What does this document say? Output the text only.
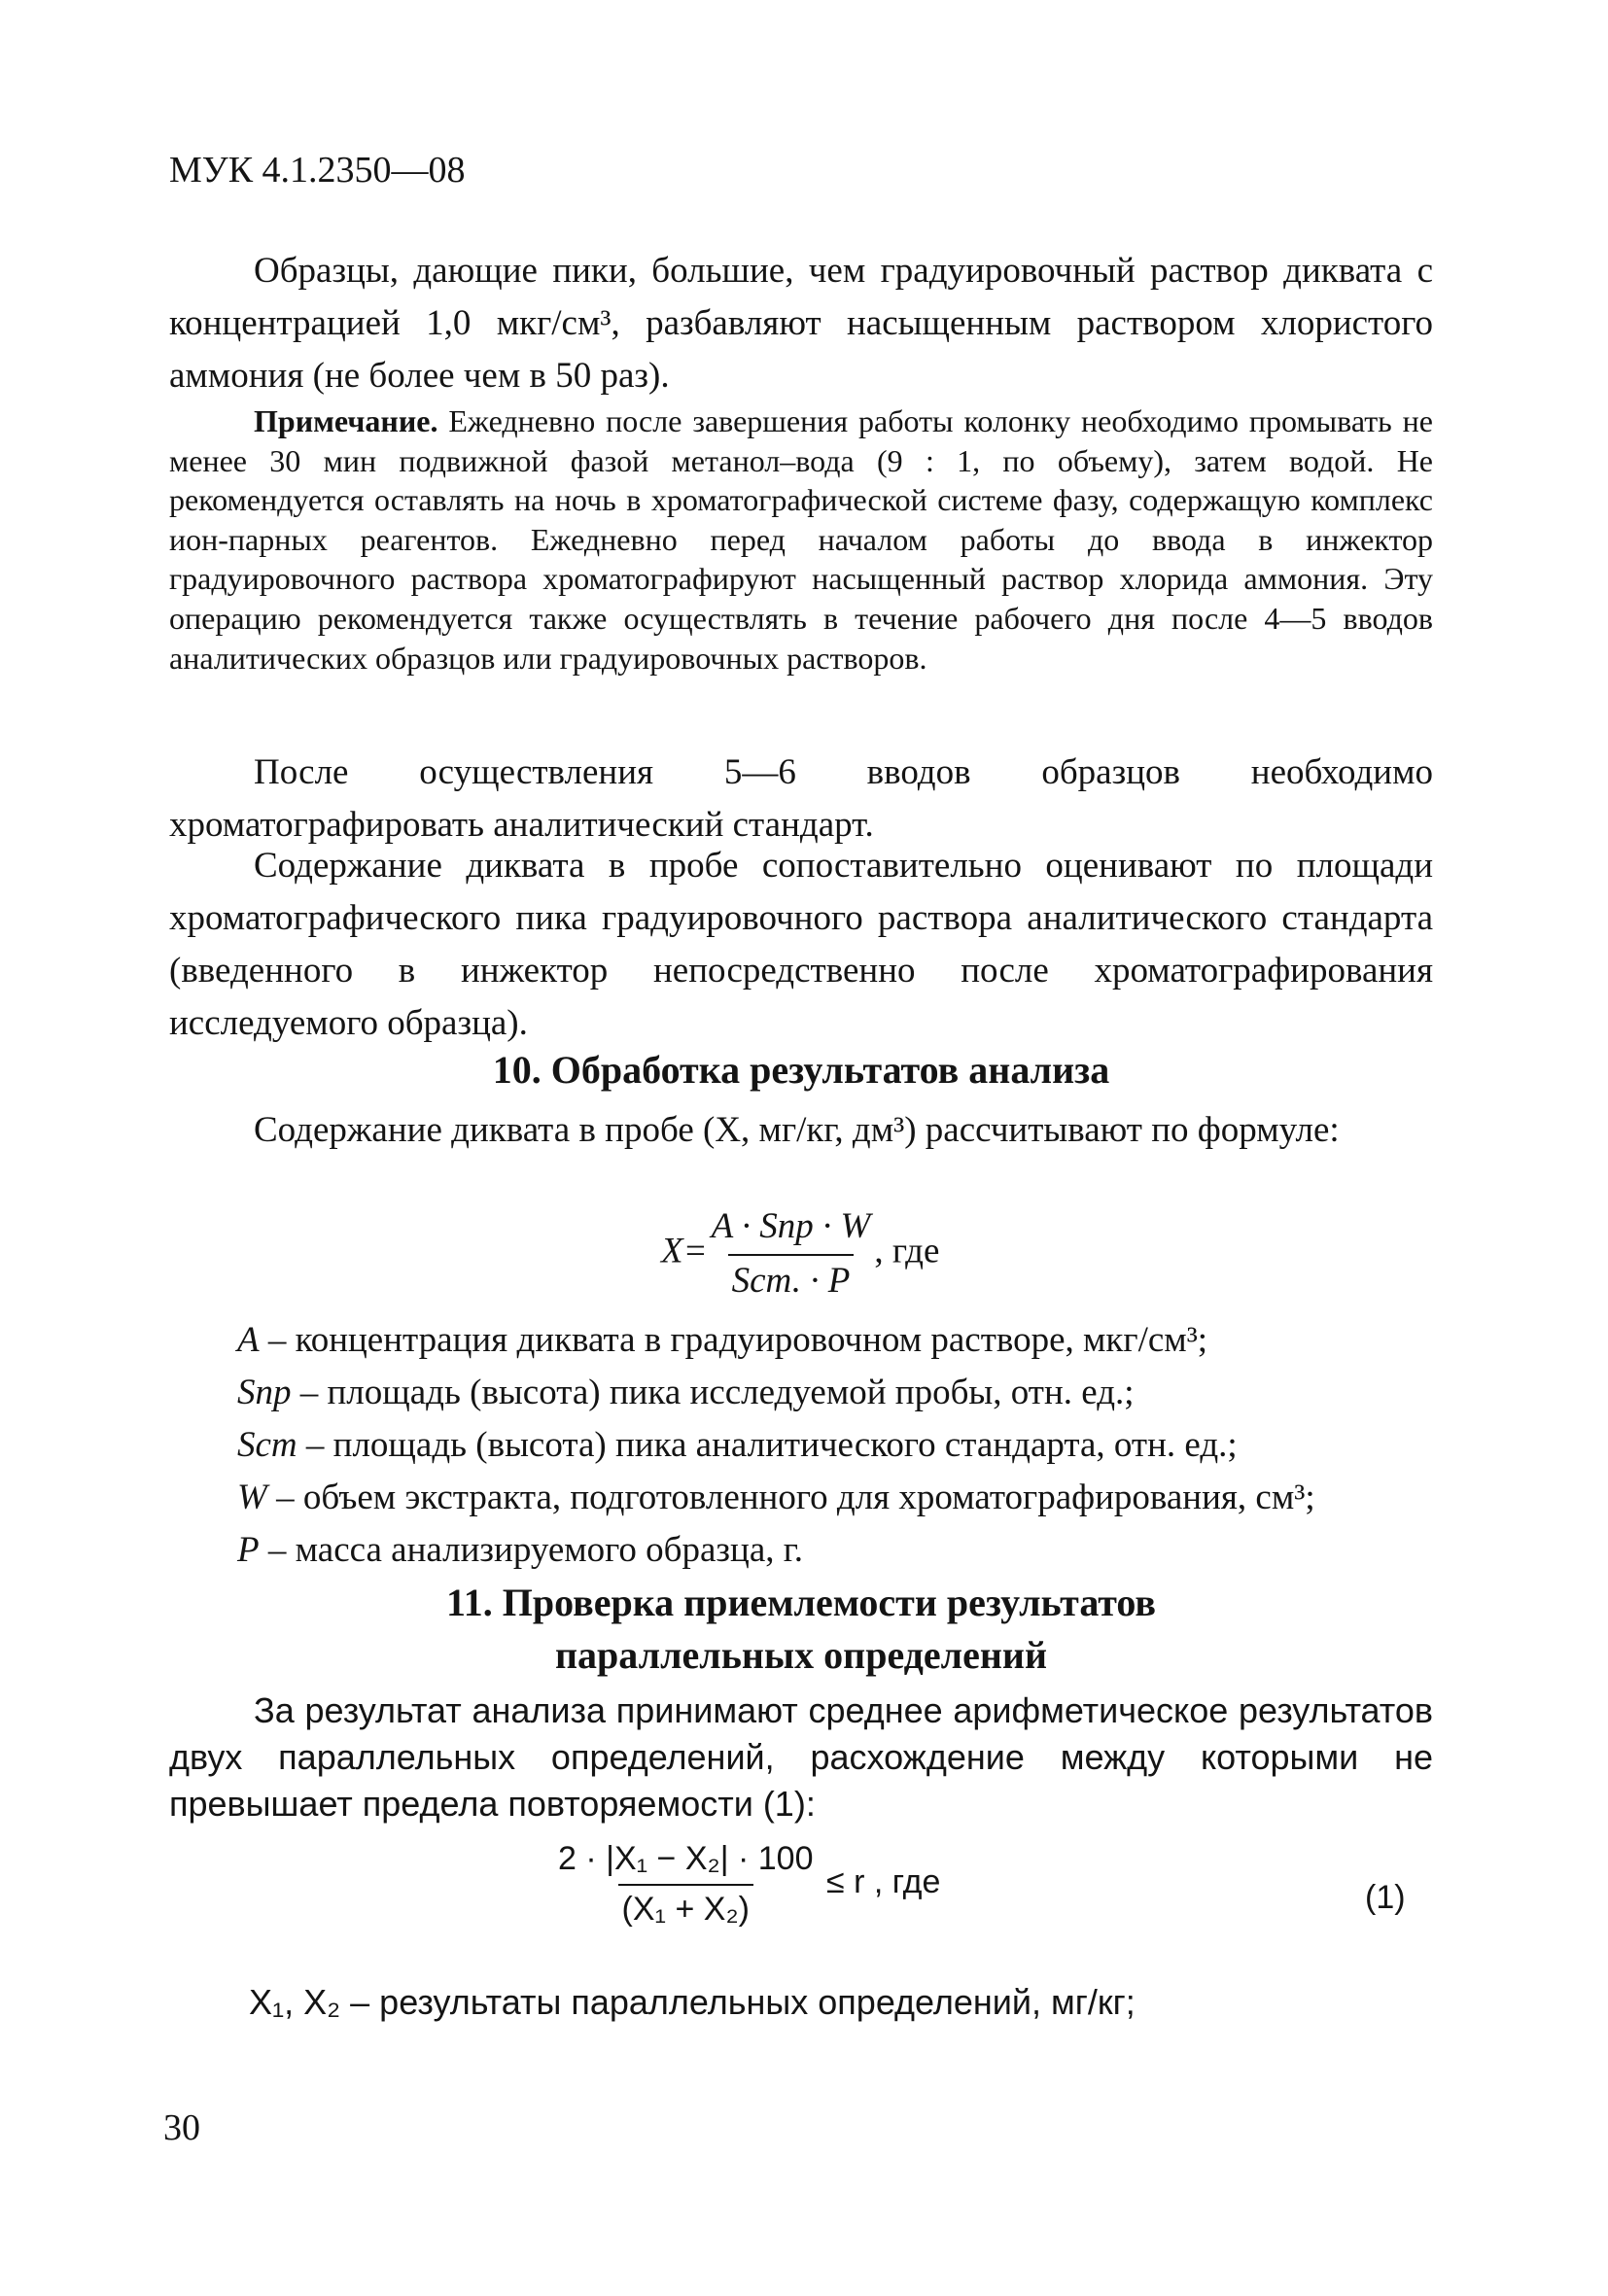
МУК 4.1.2350—08

Образцы, дающие пики, большие, чем градуировочный раствор диквата с концентрацией 1,0 мкг/см³, разбавляют насыщенным раствором хлористого аммония (не более чем в 50 раз).

Примечание. Ежедневно после завершения работы колонку необходимо промывать не менее 30 мин подвижной фазой метанол–вода (9 : 1, по объему), затем водой. Не рекомендуется оставлять на ночь в хроматографической системе фазу, содержащую комплекс ион-парных реагентов. Ежедневно перед началом работы до ввода в инжектор градуировочного раствора хроматографируют насыщенный раствор хлорида аммония. Эту операцию рекомендуется также осуществлять в течение рабочего дня после 4—5 вводов аналитических образцов или градуировочных растворов.

После осуществления 5—6 вводов образцов необходимо хроматографировать аналитический стандарт.

Содержание диквата в пробе сопоставительно оценивают по площади хроматографического пика градуировочного раствора аналитического стандарта (введенного в инжектор непосредственно после хроматографирования исследуемого образца).

10. Обработка результатов анализа

Содержание диквата в пробе (X, мг/кг, дм³) рассчитывают по формуле:

$X= \frac{\text{A · Sпр · W}}{\text{Sст. · P}}$ , где

A – концентрация диквата в градуировочном растворе, мкг/см³;

Sпр – площадь (высота) пика исследуемой пробы, отн. ед.;

Sст – площадь (высота) пика аналитического стандарта, отн. ед.;

W – объем экстракта, подготовленного для хроматографирования, см³;

P – масса анализируемого образца, г.

11. Проверка приемлемости результатов
параллельных определений

За результат анализа принимают среднее арифметическое результатов двух параллельных определений, расхождение между которыми не превышает предела повторяемости (1):

$\frac{\text{2 · |X₁ − X₂| · 100}}{\text{(X₁ + X₂)}} \le r$ , где	(1)

X₁, X₂ – результаты параллельных определений, мг/кг;

30
